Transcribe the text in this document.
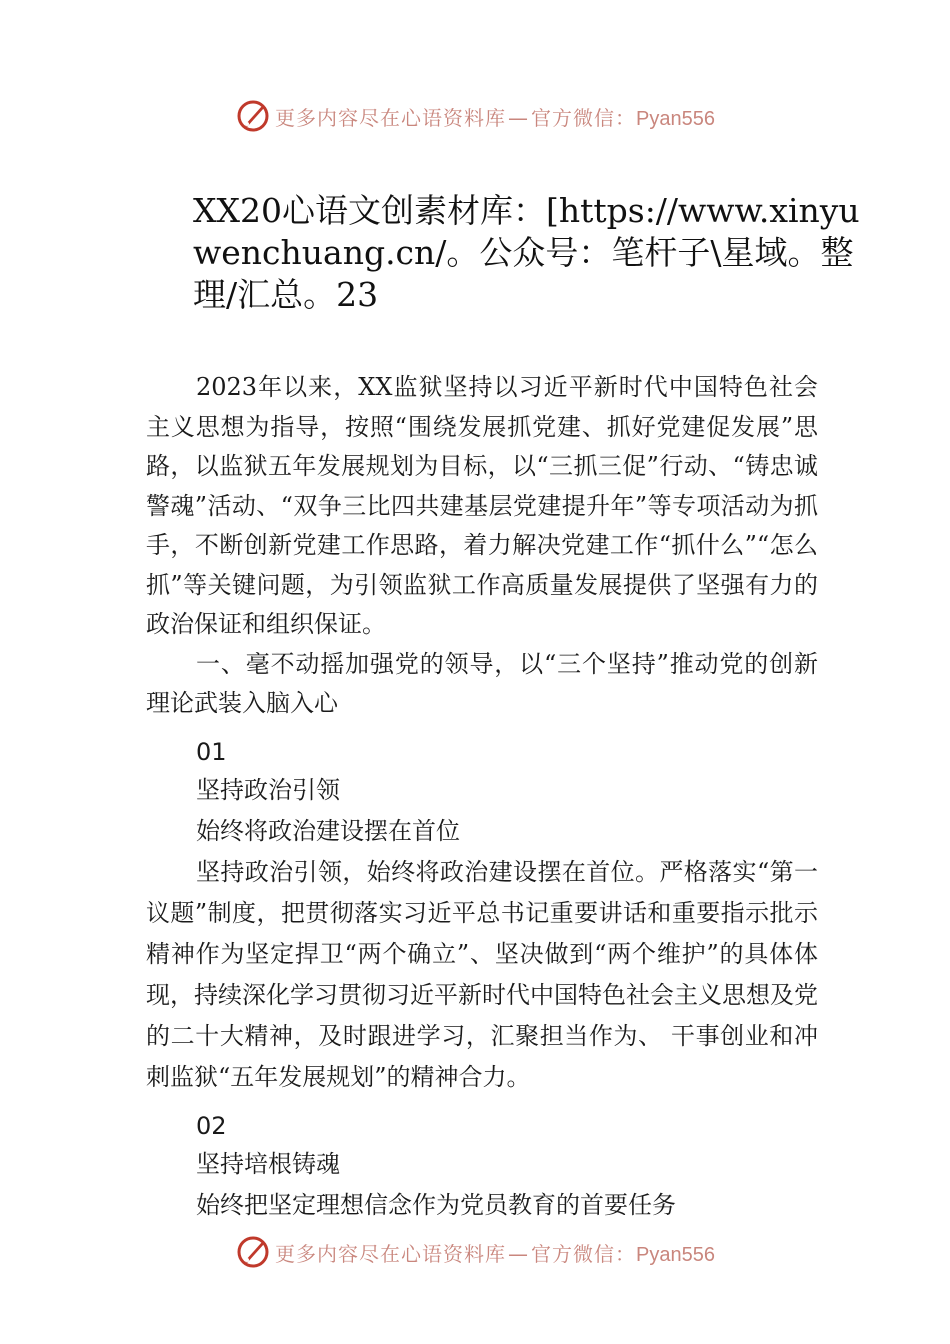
更多内容尽在心语资料库 — 官方微信：Pyan556
XX20心语文创素材库：[https://www.xinyuwenchuang.cn/。公众号：笔杆子\星域。整理/汇总。23

2023年以来，XX监狱坚持以习近平新时代中国特色社会主义思想为指导，按照“围绕发展抓党建、抓好党建促发展”思路，以监狱五年发展规划为目标，以“三抓三促”行动、“铸忠诚警魂”活动、“双争三比四共建基层党建提升年”等专项活动为抓手，不断创新党建工作思路，着力解决党建工作“抓什么”“怎么抓”等关键问题，为引领监狱工作高质量发展提供了坚强有力的政治保证和组织保证。

一、毫不动摇加强党的领导，以“三个坚持”推动党的创新理论武装入脑入心

01

坚持政治引领

始终将政治建设摆在首位

坚持政治引领，始终将政治建设摆在首位。严格落实“第一议题”制度，把贯彻落实习近平总书记重要讲话和重要指示批示精神作为坚定捍卫“两个确立”、坚决做到“两个维护”的具体体现，持续深化学习贯彻习近平新时代中国特色社会主义思想及党的二十大精神，及时跟进学习，汇聚担当作为、 干事创业和冲刺监狱“五年发展规划”的精神合力。

02

坚持培根铸魂

始终把坚定理想信念作为党员教育的首要任务

更多内容尽在心语资料库 — 官方微信：Pyan556
